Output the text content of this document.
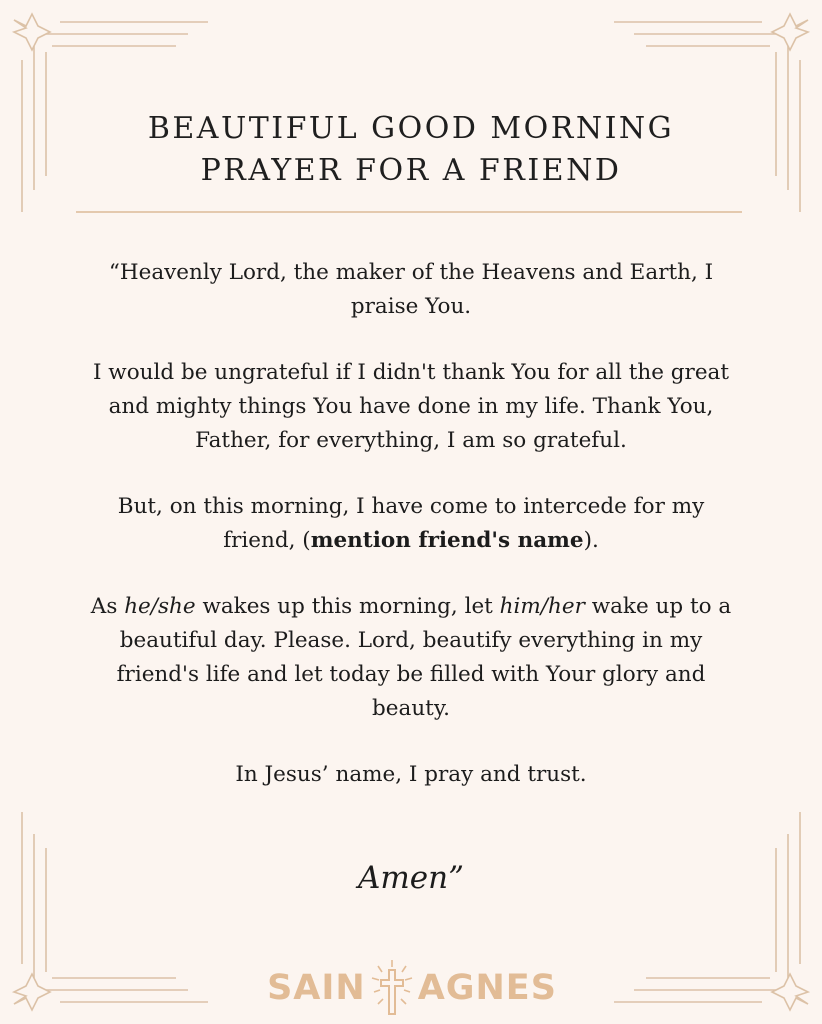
BEAUTIFUL GOOD MORNING
PRAYER FOR A FRIEND

“Heavenly Lord, the maker of the Heavens and Earth, I praise You.

I would be ungrateful if I didn't thank You for all the great and mighty things You have done in my life. Thank You, Father, for everything, I am so grateful.

But, on this morning, I have come to intercede for my friend, (mention friend's name).

As he/she wakes up this morning, let him/her wake up to a beautiful day. Please. Lord, beautify everything in my friend's life and let today be filled with Your glory and beauty.

In Jesus’ name, I pray and trust.

Amen”
SAIN AGNES
